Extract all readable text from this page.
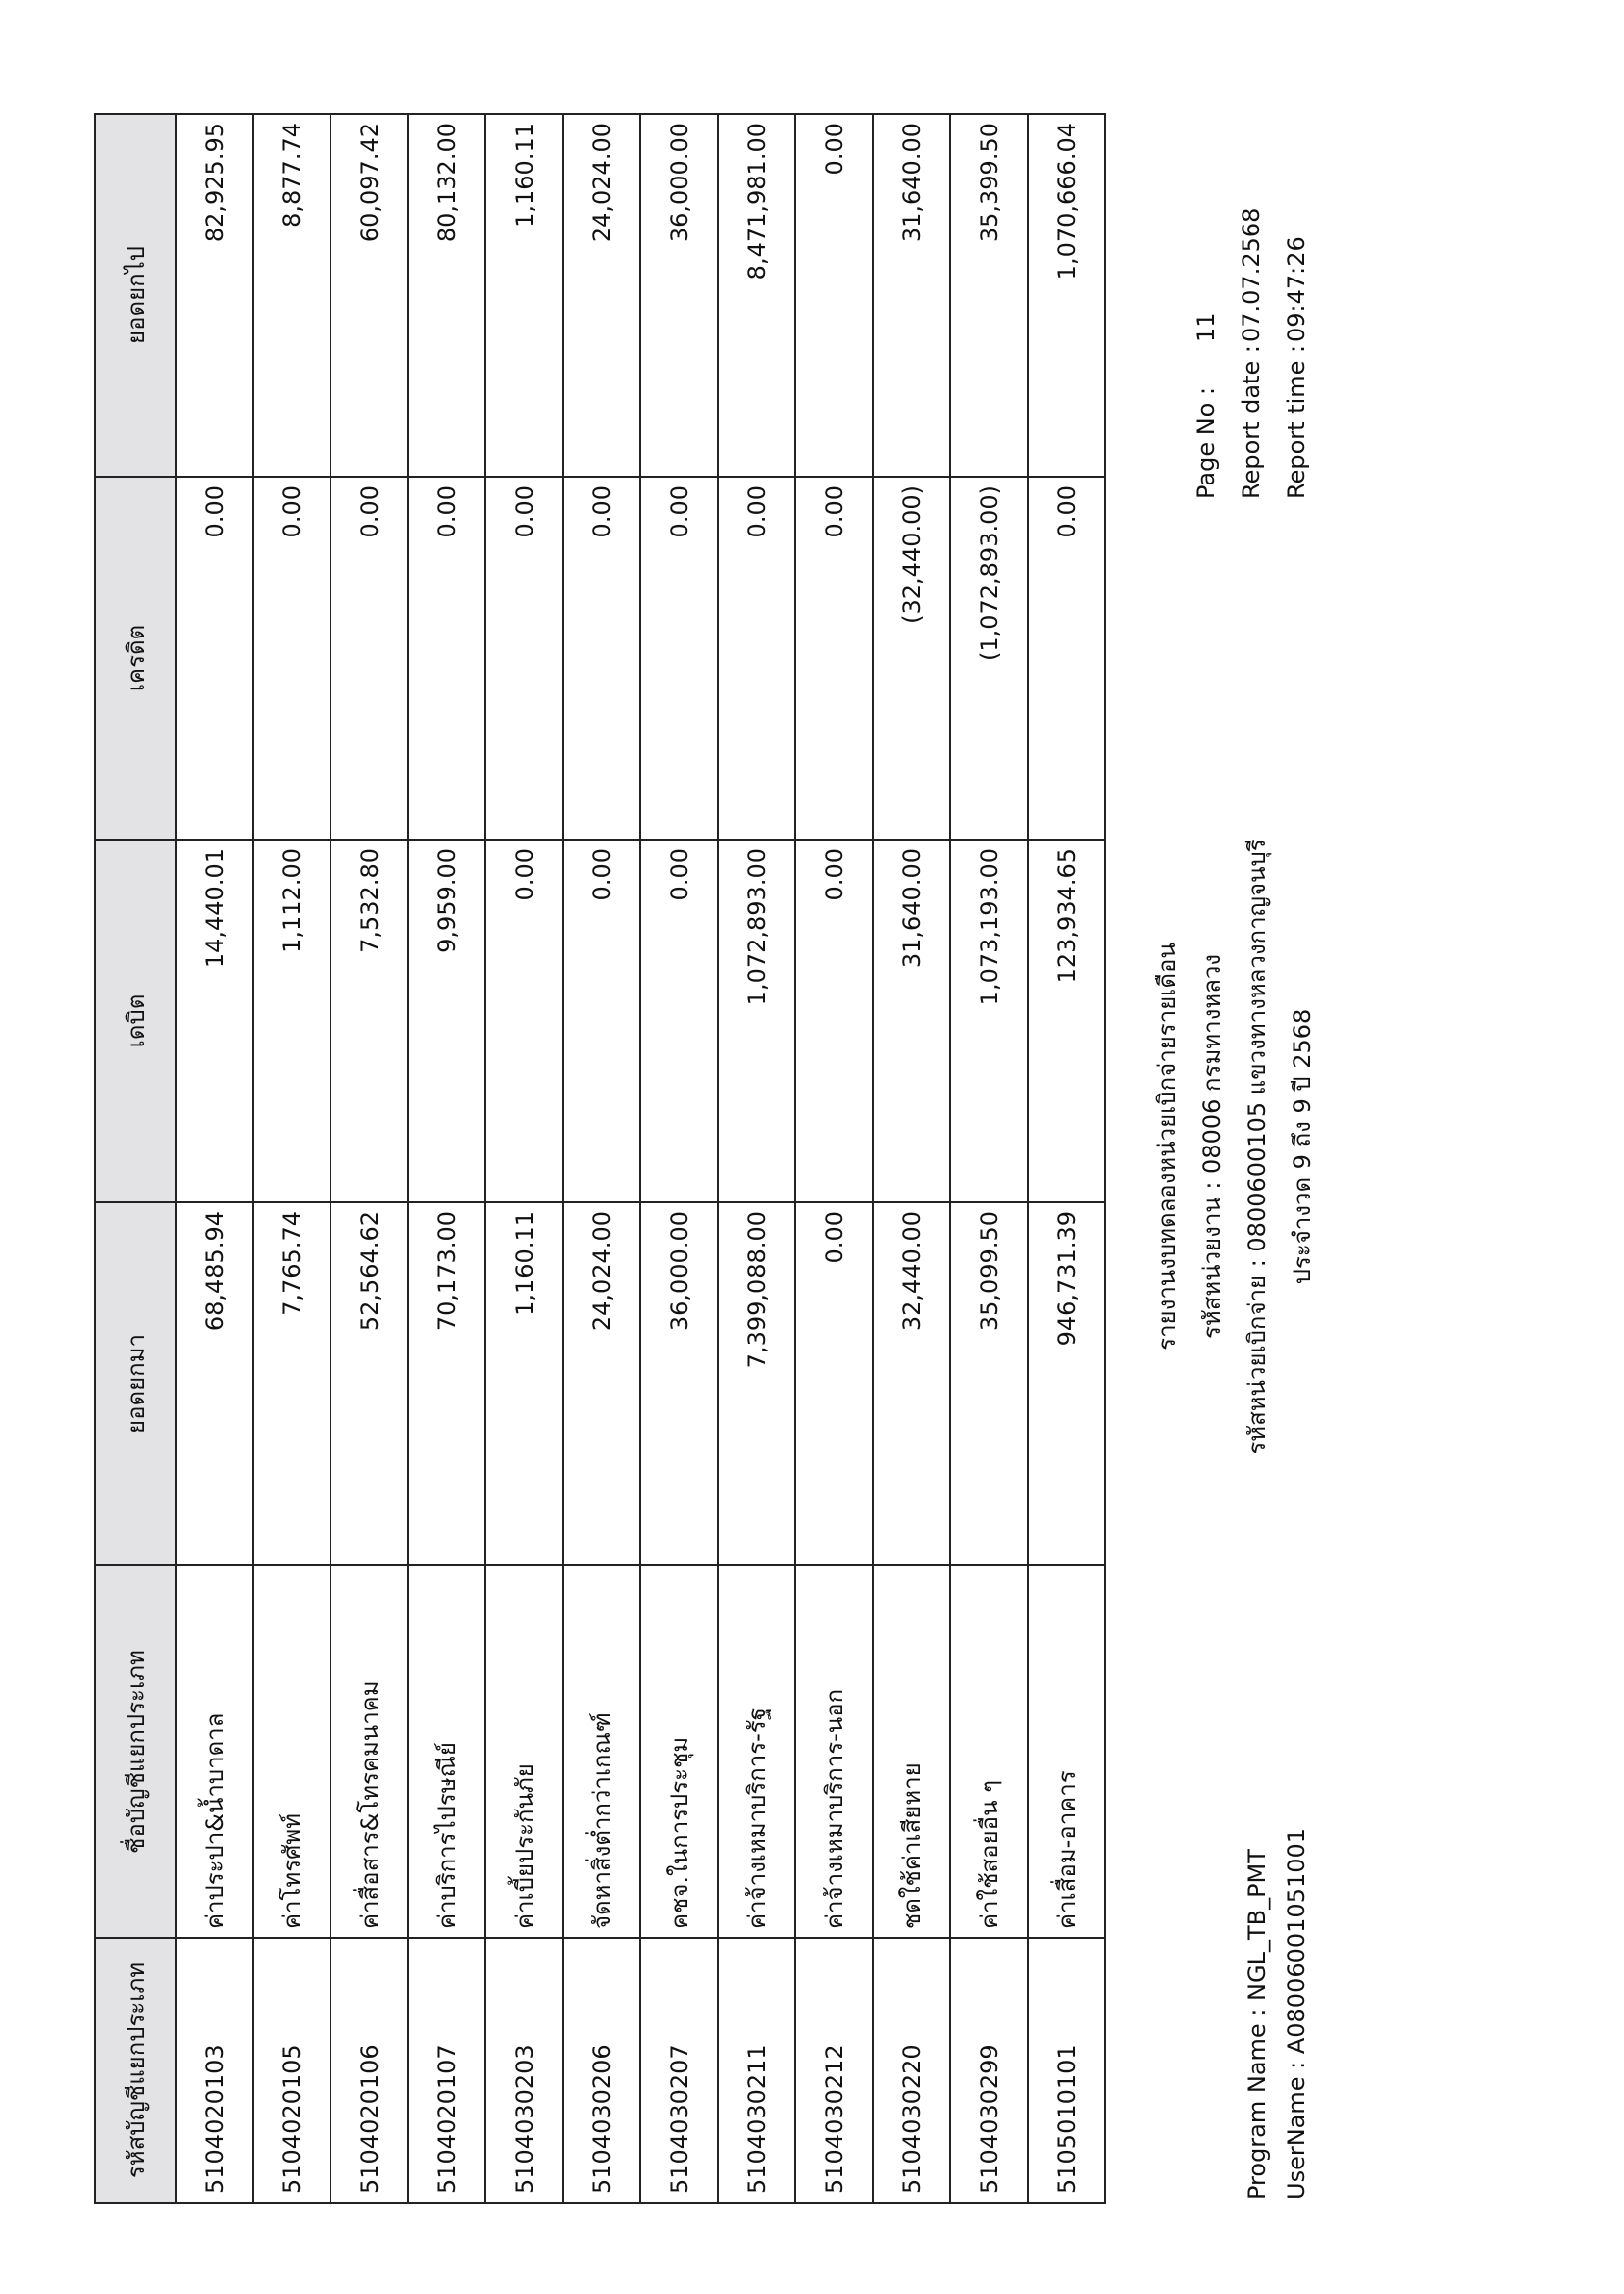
Program Name : NGL_TB_PMT UserName : A080060010510​01
รายงานงบทดลองหน่วยเบิกจ่ายรายเดือน รหัสหน่วยงาน : 08006 กรมทางหลวง รหัสหน่วยเบิกจ่าย : 0800600105 แขวงทางหลวงกาญจนบุรี ประจำงวด 9 ถึง 9 ปี 2568
Page No :
11
Report date :
07.07.2568
Report time :
09:47:26
รหัสบัญชีแยกประเภท	ชื่อบัญชีแยกประเภท	ยอดยกมา	เดบิต	เครดิต	ยอดยกไป
5104020103	ค่าประปา&น้ำบาดาล	68,485.94	14,440.01	0.00	82,925.95
5104020105	ค่าโทรศัพท์	7,765.74	1,112.00	0.00	8,877.74
5104020106	ค่าสื่อสาร&โทรคมนาคม	52,564.62	7,532.80	0.00	60,097.42
5104020107	ค่าบริการไปรษณีย์	70,173.00	9,959.00	0.00	80,132.00
5104030203	ค่าเบี้ยประกันภัย	1,160.11	0.00	0.00	1,160.11
5104030206	จัดหาสิ่งต่ำกว่าเกณฑ์	24,024.00	0.00	0.00	24,024.00
5104030207	คชจ.ในการประชุม	36,000.00	0.00	0.00	36,000.00
5104030211	ค่าจ้างเหมาบริการ-รัฐ	7,399,088.00	1,072,893.00	0.00	8,471,981.00
5104030212	ค่าจ้างเหมาบริการ-นอก	0.00	0.00	0.00	0.00
5104030220	ชดใช้ค่าเสียหาย	32,440.00	31,640.00	(32,440.00)	31,640.00
5104030299	ค่าใช้สอยอื่น ๆ	35,099.50	1,073,193.00	(1,072,893.00)	35,399.50
5105010101	ค่าเสื่อม-อาคาร	946,731.39	123,934.65	0.00	1,070,666.04
